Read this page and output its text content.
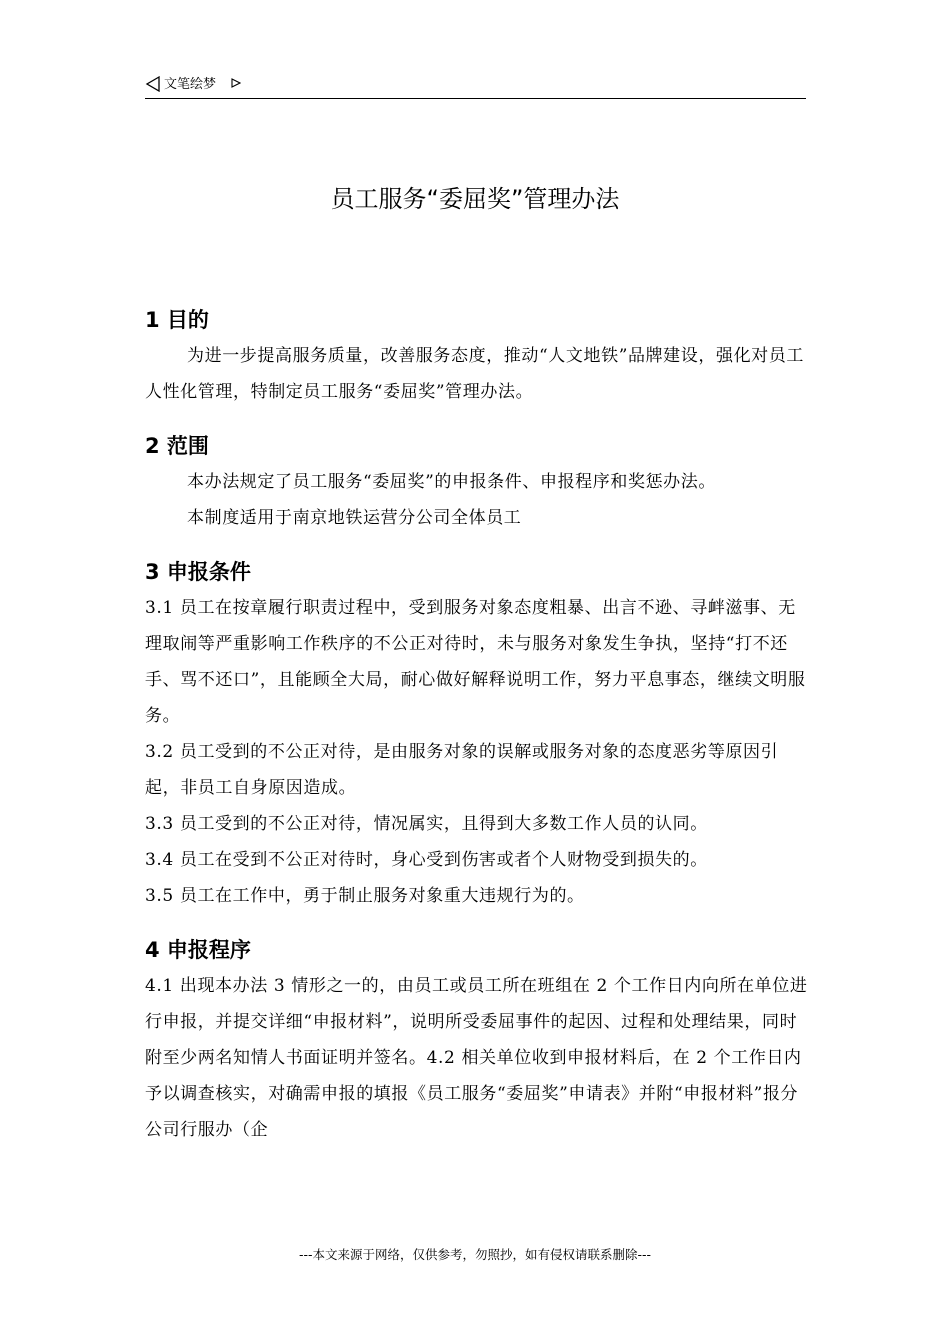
文笔绘梦
员工服务“委屈奖”管理办法
1 目的

为进一步提高服务质量，改善服务态度，推动“人文地铁”品牌建设，强化对员工人性化管理，特制定员工服务“委屈奖”管理办法。

2 范围

本办法规定了员工服务“委屈奖”的申报条件、申报程序和奖惩办法。

本制度适用于南京地铁运营分公司全体员工

3 申报条件

3.1 员工在按章履行职责过程中，受到服务对象态度粗暴、出言不逊、寻衅滋事、无理取闹等严重影响工作秩序的不公正对待时，未与服务对象发生争执，坚持“打不还手、骂不还口”，且能顾全大局，耐心做好解释说明工作，努力平息事态，继续文明服务。

3.2 员工受到的不公正对待，是由服务对象的误解或服务对象的态度恶劣等原因引起，非员工自身原因造成。

3.3 员工受到的不公正对待，情况属实，且得到大多数工作人员的认同。

3.4 员工在受到不公正对待时，身心受到伤害或者个人财物受到损失的。

3.5 员工在工作中，勇于制止服务对象重大违规行为的。

4 申报程序

4.1 出现本办法 3 情形之一的，由员工或员工所在班组在 2 个工作日内向所在单位进行申报，并提交详细“申报材料”，说明所受委屈事件的起因、过程和处理结果，同时附至少两名知情人书面证明并签名。4.2 相关单位收到申报材料后，在 2 个工作日内予以调查核实，对确需申报的填报《员工服务“委屈奖”申请表》并附“申报材料”报分公司行服办（企

---本文来源于网络，仅供参考，勿照抄，如有侵权请联系删除---
